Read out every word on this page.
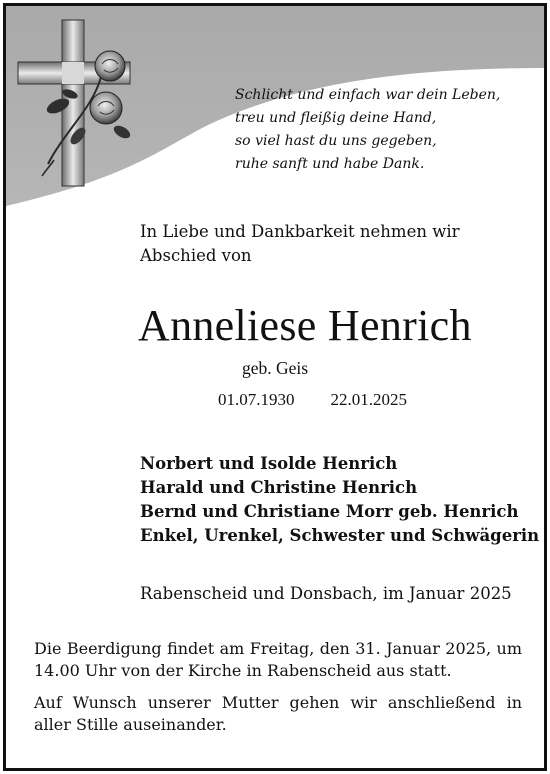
Schlicht und einfach war dein Leben,
treu und fleißig deine Hand,
so viel hast du uns gegeben,
ruhe sanft und habe Dank.
In Liebe und Dankbarkeit nehmen wir
Abschied von
Anneliese Henrich
geb. Geis
01.07.1930 22.01.2025
Norbert und Isolde Henrich
Harald und Christine Henrich
Bernd und Christiane Morr geb. Henrich
Enkel, Urenkel, Schwester und Schwägerin
Rabenscheid und Donsbach, im Januar 2025
Die Beerdigung findet am Freitag, den 31. Januar 2025, um 14.00 Uhr von der Kirche in Rabenscheid aus statt.
Auf Wunsch unserer Mutter gehen wir anschließend in aller Stille auseinander.
